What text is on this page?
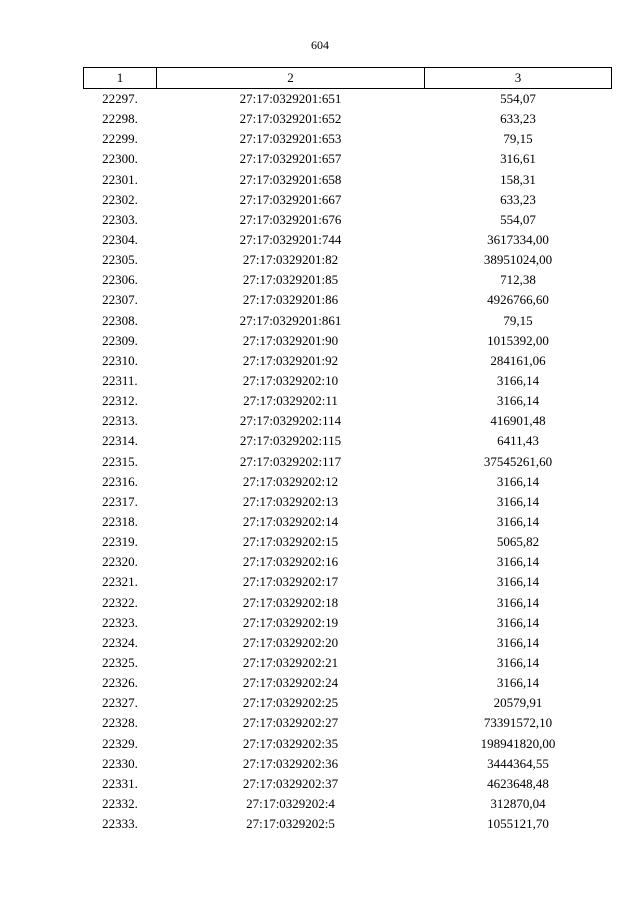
604
1	2	3
22297.	27:17:0329201:651	554,07
22298.	27:17:0329201:652	633,23
22299.	27:17:0329201:653	79,15
22300.	27:17:0329201:657	316,61
22301.	27:17:0329201:658	158,31
22302.	27:17:0329201:667	633,23
22303.	27:17:0329201:676	554,07
22304.	27:17:0329201:744	3617334,00
22305.	27:17:0329201:82	38951024,00
22306.	27:17:0329201:85	712,38
22307.	27:17:0329201:86	4926766,60
22308.	27:17:0329201:861	79,15
22309.	27:17:0329201:90	1015392,00
22310.	27:17:0329201:92	284161,06
22311.	27:17:0329202:10	3166,14
22312.	27:17:0329202:11	3166,14
22313.	27:17:0329202:114	416901,48
22314.	27:17:0329202:115	6411,43
22315.	27:17:0329202:117	37545261,60
22316.	27:17:0329202:12	3166,14
22317.	27:17:0329202:13	3166,14
22318.	27:17:0329202:14	3166,14
22319.	27:17:0329202:15	5065,82
22320.	27:17:0329202:16	3166,14
22321.	27:17:0329202:17	3166,14
22322.	27:17:0329202:18	3166,14
22323.	27:17:0329202:19	3166,14
22324.	27:17:0329202:20	3166,14
22325.	27:17:0329202:21	3166,14
22326.	27:17:0329202:24	3166,14
22327.	27:17:0329202:25	20579,91
22328.	27:17:0329202:27	73391572,10
22329.	27:17:0329202:35	198941820,00
22330.	27:17:0329202:36	3444364,55
22331.	27:17:0329202:37	4623648,48
22332.	27:17:0329202:4	312870,04
22333.	27:17:0329202:5	1055121,70
